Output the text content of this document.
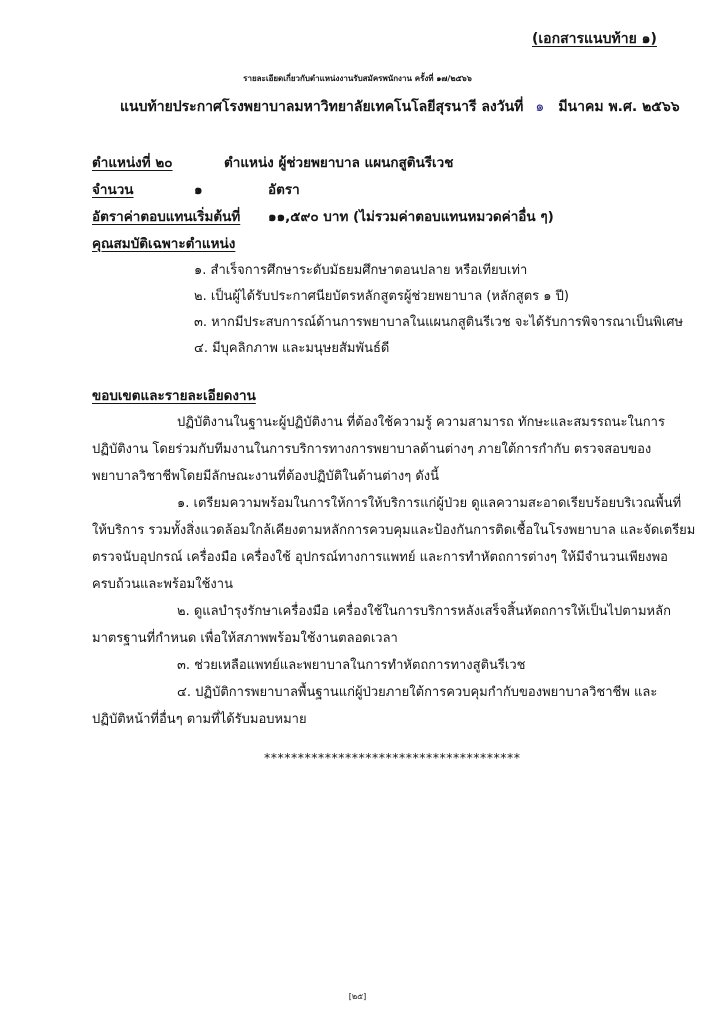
(เอกสารแนบท้าย ๑)
รายละเอียดเกี่ยวกับตำแหน่งงานรับสมัครพนักงาน ครั้งที่ ๑๗/๒๕๖๖
แนบท้ายประกาศโรงพยาบาลมหาวิทยาลัยเทคโนโลยีสุรนารี ลงวันที่ ๑ มีนาคม พ.ศ. ๒๕๖๖
ตำแหน่งที่ ๒๐	ตำแหน่ง ผู้ช่วยพยาบาล แผนกสูตินรีเวช
จำนวน	๑	อัตรา
อัตราค่าตอบแทนเริ่มต้นที่ ๑๑,๕๙๐ บาท (ไม่รวมค่าตอบแทนหมวดค่าอื่น ๆ)
คุณสมบัติเฉพาะตำแหน่ง
๑. สำเร็จการศึกษาระดับมัธยมศึกษาตอนปลาย หรือเทียบเท่า
๒. เป็นผู้ได้รับประกาศนียบัตรหลักสูตรผู้ช่วยพยาบาล (หลักสูตร ๑ ปี)
๓. หากมีประสบการณ์ด้านการพยาบาลในแผนกสูตินรีเวช จะได้รับการพิจารณาเป็นพิเศษ
๔. มีบุคลิกภาพ และมนุษยสัมพันธ์ดี
ขอบเขตและรายละเอียดงาน
ปฏิบัติงานในฐานะผู้ปฏิบัติงาน ที่ต้องใช้ความรู้ ความสามารถ ทักษะและสมรรถนะในการ
ปฏิบัติงาน โดยร่วมกับทีมงานในการบริการทางการพยาบาลด้านต่างๆ ภายใต้การกำกับ ตรวจสอบของ
พยาบาลวิชาชีพโดยมีลักษณะงานที่ต้องปฏิบัติในด้านต่างๆ ดังนี้
๑. เตรียมความพร้อมในการให้การให้บริการแก่ผู้ป่วย ดูแลความสะอาดเรียบร้อยบริเวณพื้นที่
ให้บริการ รวมทั้งสิ่งแวดล้อมใกล้เคียงตามหลักการควบคุมและป้องกันการติดเชื้อในโรงพยาบาล และจัดเตรียม
ตรวจนับอุปกรณ์ เครื่องมือ เครื่องใช้ อุปกรณ์ทางการแพทย์ และการทำหัตถการต่างๆ ให้มีจำนวนเพียงพอ
ครบถ้วนและพร้อมใช้งาน
๒. ดูแลบำรุงรักษาเครื่องมือ เครื่องใช้ในการบริการหลังเสร็จสิ้นหัตถการให้เป็นไปตามหลัก
มาตรฐานที่กำหนด เพื่อให้สภาพพร้อมใช้งานตลอดเวลา
๓. ช่วยเหลือแพทย์และพยาบาลในการทำหัตถการทางสูตินรีเวช
๔. ปฏิบัติการพยาบาลพื้นฐานแก่ผู้ป่วยภายใต้การควบคุมกำกับของพยาบาลวิชาชีพ และ
ปฏิบัติหน้าที่อื่นๆ ตามที่ได้รับมอบหมาย
**************************************
[๒๕]
